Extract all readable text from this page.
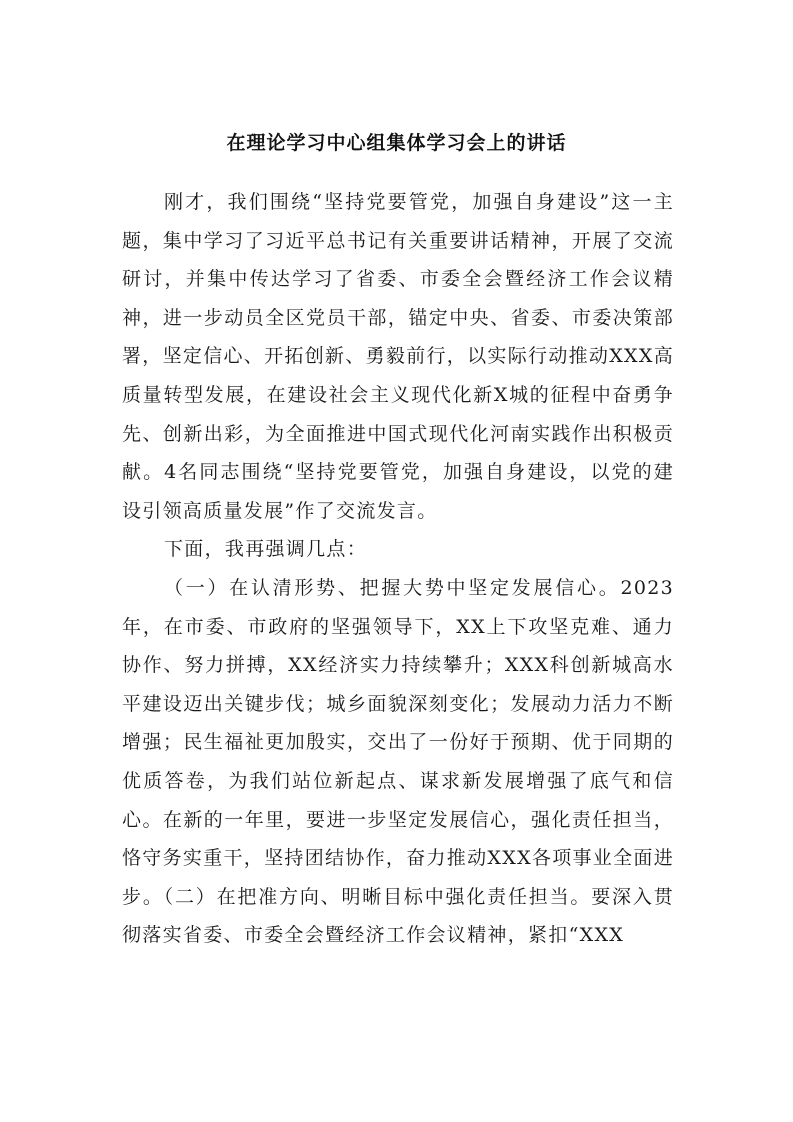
在理论学习中心组集体学习会上的讲话

刚才，我们围绕“坚持党要管党，加强自身建设”这一主题，集中学习了习近平总书记有关重要讲话精神，开展了交流研讨，并集中传达学习了省委、市委全会暨经济工作会议精神，进一步动员全区党员干部，锚定中央、省委、市委决策部署，坚定信心、开拓创新、勇毅前行，以实际行动推动XXX高质量转型发展，在建设社会主义现代化新X城的征程中奋勇争先、创新出彩，为全面推进中国式现代化河南实践作出积极贡献。4名同志围绕“坚持党要管党，加强自身建设，以党的建设引领高质量发展”作了交流发言。

下面，我再强调几点：

（一）在认清形势、把握大势中坚定发展信心。2023年，在市委、市政府的坚强领导下，XX上下攻坚克难、通力协作、努力拼搏，XX经济实力持续攀升；XXX科创新城高水平建设迈出关键步伐；城乡面貌深刻变化；发展动力活力不断增强；民生福祉更加殷实，交出了一份好于预期、优于同期的优质答卷，为我们站位新起点、谋求新发展增强了底气和信心。在新的一年里，要进一步坚定发展信心，强化责任担当，恪守务实重干，坚持团结协作，奋力推动XXX各项事业全面进步。（二）在把准方向、明晰目标中强化责任担当。要深入贯彻落实省委、市委全会暨经济工作会议精神，紧扣“XXX
